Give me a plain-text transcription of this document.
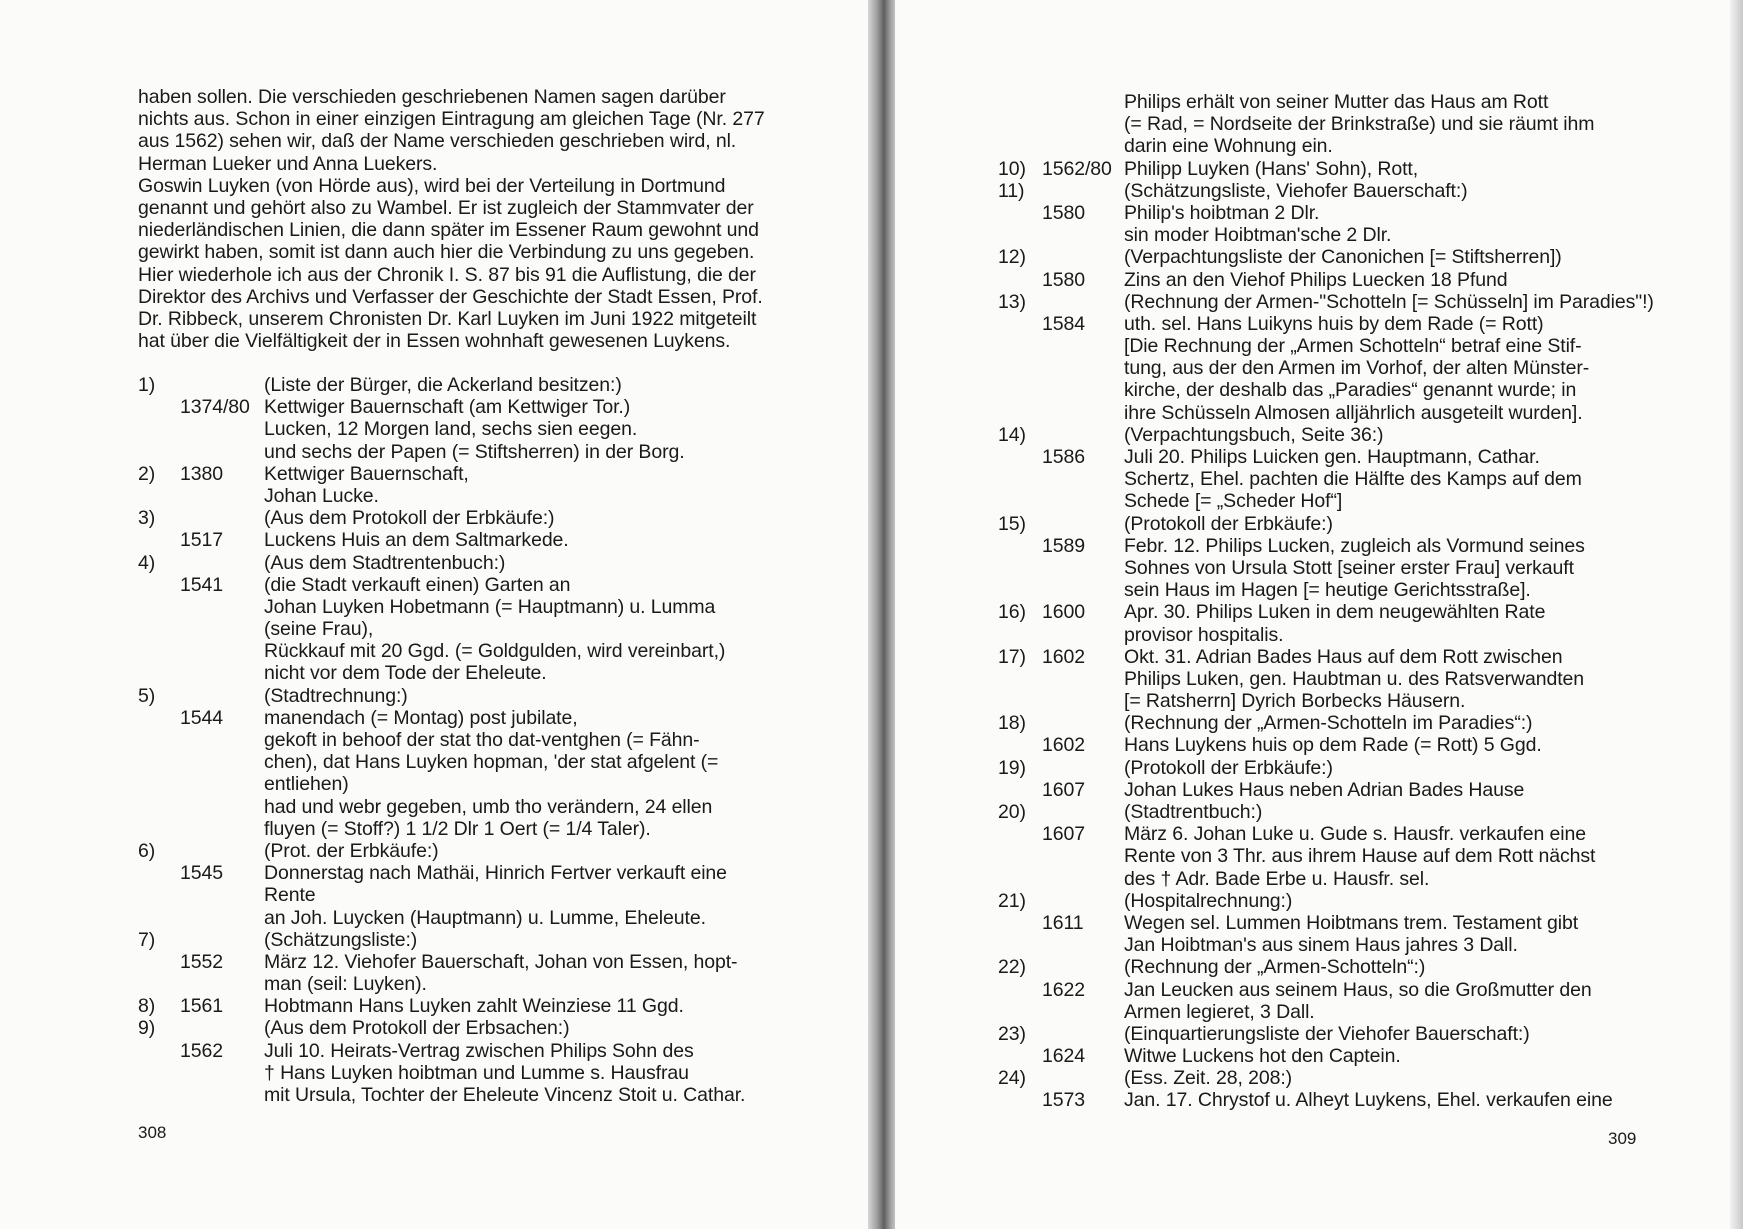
haben sollen. Die verschieden geschriebenen Namen sagen darüber
nichts aus. Schon in einer einzigen Eintragung am gleichen Tage (Nr. 277
aus 1562) sehen wir, daß der Name verschieden geschrieben wird, nl.
Herman Lueker und Anna Luekers.
Goswin Luyken (von Hörde aus), wird bei der Verteilung in Dortmund
genannt und gehört also zu Wambel. Er ist zugleich der Stammvater der
niederländischen Linien, die dann später im Essener Raum gewohnt und
gewirkt haben, somit ist dann auch hier die Verbindung zu uns gegeben.
Hier wiederhole ich aus der Chronik I. S. 87 bis 91 die Auflistung, die der
Direktor des Archivs und Verfasser der Geschichte der Stadt Essen, Prof.
Dr. Ribbeck, unserem Chronisten Dr. Karl Luyken im Juni 1922 mitgeteilt
hat über die Vielfältigkeit der in Essen wohnhaft gewesenen Luykens.
1)	(Liste der Bürger, die Ackerland besitzen:)
1374/80 Kettwiger Bauernschaft (am Kettwiger Tor.)
Lucken, 12 Morgen land, sechs sien eegen.
und sechs der Papen (= Stiftsherren) in der Borg.
2)	1380	Kettwiger Bauernschaft,
Johan Lucke.
3)	(Aus dem Protokoll der Erbkäufe:)
1517	Luckens Huis an dem Saltmarkede.
4)	(Aus dem Stadtrentenbuch:)
1541	(die Stadt verkauft einen) Garten an
Johan Luyken Hobetmann (= Hauptmann) u. Lumma
(seine Frau),
Rückkauf mit 20 Ggd. (= Goldgulden, wird vereinbart,)
nicht vor dem Tode der Eheleute.
5)	(Stadtrechnung:)
1544	manendach (= Montag) post jubilate,
gekoft in behoof der stat tho dat-ventghen (= Fähn-
chen), dat Hans Luyken hopman, 'der stat afgelent (=
entliehen)
had und webr gegeben, umb tho verändern, 24 ellen
fluyen (= Stoff?) 1 1/2 Dlr 1 Oert (= 1/4 Taler).
6)	(Prot. der Erbkäufe:)
1545	Donnerstag nach Mathäi, Hinrich Fertver verkauft eine
Rente
an Joh. Luycken (Hauptmann) u. Lumme, Eheleute.
7)	(Schätzungsliste:)
1552	März 12. Viehofer Bauerschaft, Johan von Essen, hopt-
man (seil: Luyken).
8)	1561	Hobtmann Hans Luyken zahlt Weinziese 11 Ggd.
9)	(Aus dem Protokoll der Erbsachen:)
1562	Juli 10. Heirats-Vertrag zwischen Philips Sohn des
† Hans Luyken hoibtman und Lumme s. Hausfrau
mit Ursula, Tochter der Eheleute Vincenz Stoit u. Cathar.
308	309
Philips erhält von seiner Mutter das Haus am Rott
(= Rad, = Nordseite der Brinkstraße) und sie räumt ihm
darin eine Wohnung ein.
10) 1562/80 Philipp Luyken (Hans' Sohn), Rott,
11)	(Schätzungsliste, Viehofer Bauerschaft:)
1580	Philip's hoibtman 2 Dlr.
sin moder Hoibtman'sche 2 Dlr.
12)	(Verpachtungsliste der Canonichen [= Stiftsherren])
1580	Zins an den Viehof Philips Luecken 18 Pfund
13)	(Rechnung der Armen-"Schotteln [= Schüsseln] im Paradies"!)
1584	uth. sel. Hans Luikyns huis by dem Rade (= Rott)
[Die Rechnung der „Armen Schotteln“ betraf eine Stif-
tung, aus der den Armen im Vorhof, der alten Münster-
kirche, der deshalb das „Paradies“ genannt wurde; in
ihre Schüsseln Almosen alljährlich ausgeteilt wurden].
14)	(Verpachtungsbuch, Seite 36:)
1586	Juli 20. Philips Luicken gen. Hauptmann, Cathar.
Schertz, Ehel. pachten die Hälfte des Kamps auf dem
Schede [= „Scheder Hof“]
15)	(Protokoll der Erbkäufe:)
1589	Febr. 12. Philips Lucken, zugleich als Vormund seines
Sohnes von Ursula Stott [seiner erster Frau] verkauft
sein Haus im Hagen [= heutige Gerichtsstraße].
16) 1600	Apr. 30. Philips Luken in dem neugewählten Rate
provisor hospitalis.
17) 1602	Okt. 31. Adrian Bades Haus auf dem Rott zwischen
Philips Luken, gen. Haubtman u. des Ratsverwandten
[= Ratsherrn] Dyrich Borbecks Häusern.
18)	(Rechnung der „Armen-Schotteln im Paradies“:)
1602	Hans Luykens huis op dem Rade (= Rott) 5 Ggd.
19)	(Protokoll der Erbkäufe:)
1607	Johan Lukes Haus neben Adrian Bades Hause
20)	(Stadtrentbuch:)
1607	März 6. Johan Luke u. Gude s. Hausfr. verkaufen eine
Rente von 3 Thr. aus ihrem Hause auf dem Rott nächst
des † Adr. Bade Erbe u. Hausfr. sel.
21)	(Hospitalrechnung:)
1611	Wegen sel. Lummen Hoibtmans trem. Testament gibt
Jan Hoibtman's aus sinem Haus jahres 3 Dall.
22)	(Rechnung der „Armen-Schotteln“:)
1622	Jan Leucken aus seinem Haus, so die Großmutter den
Armen legieret, 3 Dall.
23)	(Einquartierungsliste der Viehofer Bauerschaft:)
1624	Witwe Luckens hot den Captein.
24)	(Ess. Zeit. 28, 208:)
1573	Jan. 17. Chrystof u. Alheyt Luykens, Ehel. verkaufen eine
